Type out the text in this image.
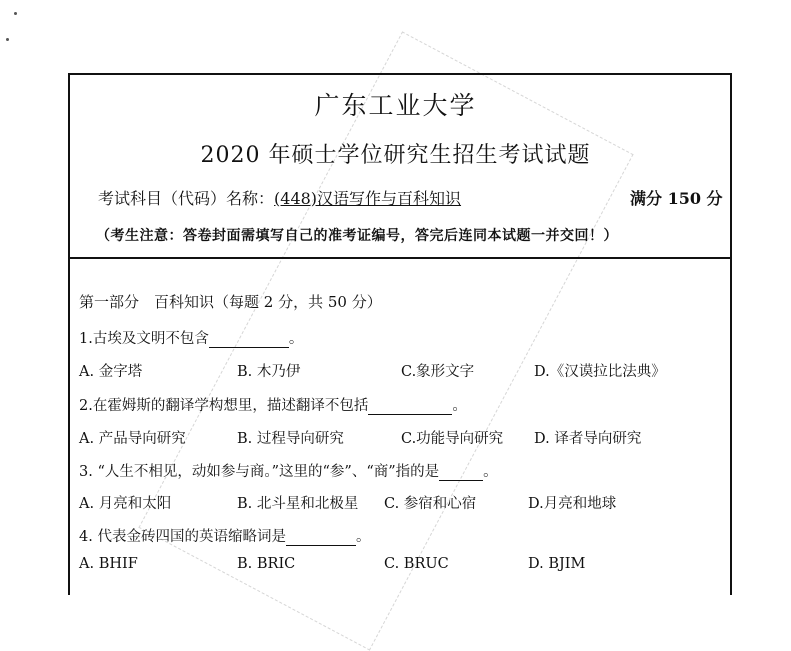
广东工业大学
2020 年硕士学位研究生招生考试试题
考试科目（代码）名称：(448)汉语写作与百科知识	满分 150 分
（考生注意：答卷封面需填写自己的准考证编号，答完后连同本试题一并交回！）
第一部分　百科知识（每题 2 分，共 50 分）
1.古埃及文明不包含	。
A. 金字塔	B. 木乃伊	C.象形文字	D.《汉谟拉比法典》
2.在霍姆斯的翻译学构想里，描述翻译不包括	。
A. 产品导向研究	B. 过程导向研究	C.功能导向研究 D. 译者导向研究
3. “人生不相见，动如参与商。”这里的“参”、“商”指的是	。
A. 月亮和太阳	B. 北斗星和北极星 C. 参宿和心宿	D.月亮和地球
4. 代表金砖四国的英语缩略词是	。
A. BHIF	B. BRIC	C. BRUC	D. BJIM
